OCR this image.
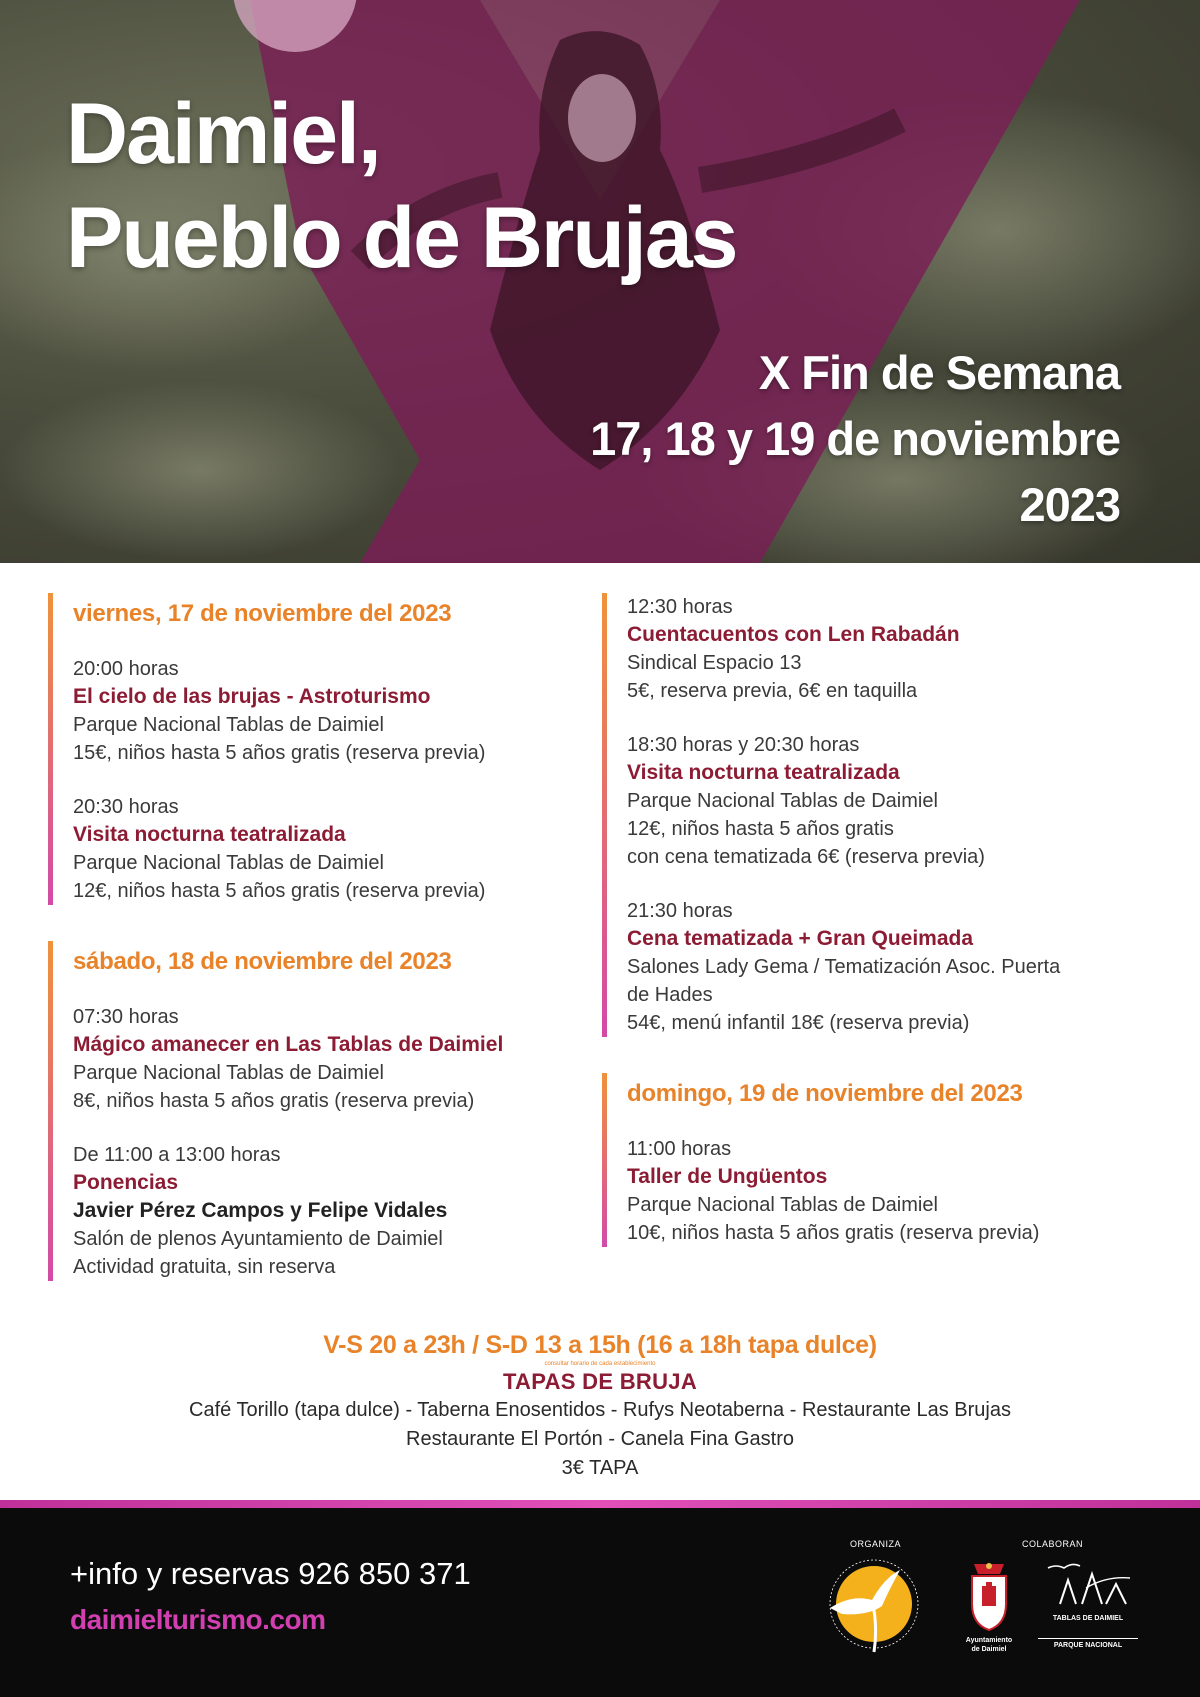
Daimiel,
Pueblo de Brujas
X Fin de Semana
17, 18 y 19 de noviembre
2023
viernes, 17 de noviembre del 2023
20:00 horas
El cielo de las brujas - Astroturismo
Parque Nacional Tablas de Daimiel
15€, niños hasta 5 años gratis (reserva previa)
20:30 horas
Visita nocturna teatralizada
Parque Nacional Tablas de Daimiel
12€, niños hasta 5 años gratis (reserva previa)
sábado, 18 de noviembre del 2023
07:30 horas
Mágico amanecer en Las Tablas de Daimiel
Parque Nacional Tablas de Daimiel
8€, niños hasta 5 años gratis (reserva previa)
De 11:00 a 13:00 horas
Ponencias
Javier Pérez Campos y Felipe Vidales
Salón de plenos Ayuntamiento de Daimiel
Actividad gratuita, sin reserva
12:30 horas
Cuentacuentos con Len Rabadán
Sindical Espacio 13
5€, reserva previa, 6€ en taquilla
18:30 horas y 20:30 horas
Visita nocturna teatralizada
Parque Nacional Tablas de Daimiel
12€, niños hasta 5 años gratis
con cena tematizada 6€ (reserva previa)
21:30 horas
Cena tematizada + Gran Queimada
Salones Lady Gema / Tematización Asoc. Puerta
de Hades
54€, menú infantil 18€ (reserva previa)
domingo, 19 de noviembre del 2023
11:00 horas
Taller de Ungüentos
Parque Nacional Tablas de Daimiel
10€, niños hasta 5 años gratis (reserva previa)
V-S 20 a 23h / S-D 13 a 15h (16 a 18h tapa dulce)
consultar horario de cada establecimiento
TAPAS DE BRUJA
Café Torillo (tapa dulce) - Taberna Enosentidos - Rufys Neotaberna - Restaurante Las Brujas
Restaurante El Portón - Canela Fina Gastro
3€ TAPA
+info y reservas 926 850 371
daimielturismo.com
ORGANIZA	COLABORAN
Ayuntamiento
de Daimiel
TABLAS DE DAIMIEL
PARQUE NACIONAL
